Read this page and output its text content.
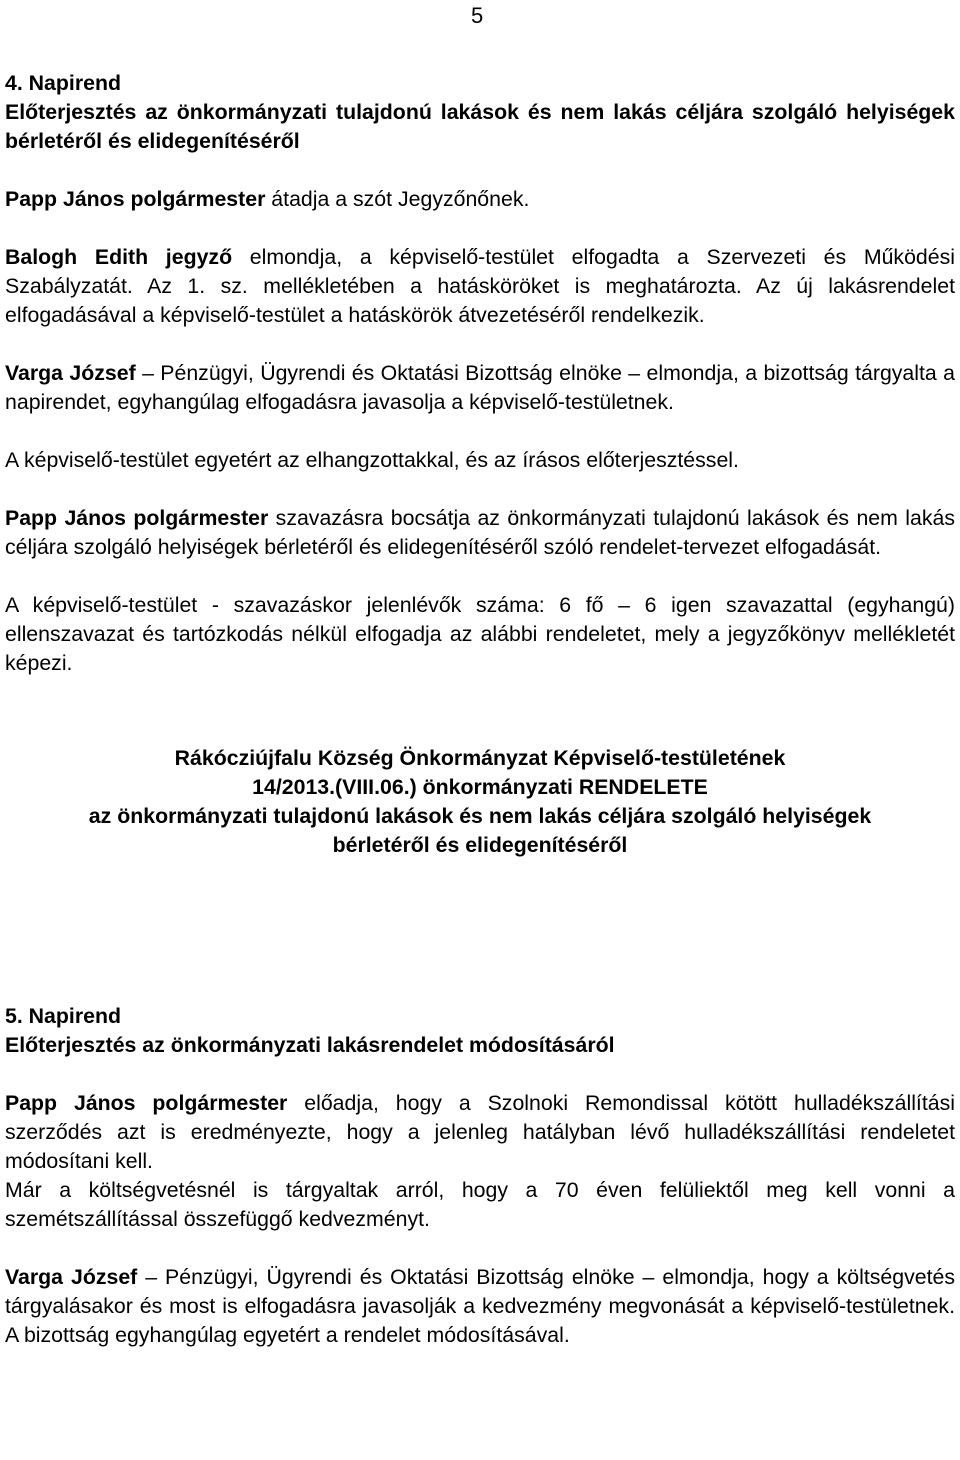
5

4. Napirend

Előterjesztés az önkormányzati tulajdonú lakások és nem lakás céljára szolgáló helyiségek bérletéről és elidegenítéséről

Papp János polgármester átadja a szót Jegyzőnőnek.

Balogh Edith jegyző elmondja, a képviselő-testület elfogadta a Szervezeti és Működési Szabályzatát. Az 1. sz. mellékletében a hatásköröket is meghatározta. Az új lakásrendelet elfogadásával a képviselő-testület a hatáskörök átvezetéséről rendelkezik.

Varga József – Pénzügyi, Ügyrendi és Oktatási Bizottság elnöke – elmondja, a bizottság tárgyalta a napirendet, egyhangúlag elfogadásra javasolja a képviselő-testületnek.

A képviselő-testület egyetért az elhangzottakkal, és az írásos előterjesztéssel.

Papp János polgármester szavazásra bocsátja az önkormányzati tulajdonú lakások és nem lakás céljára szolgáló helyiségek bérletéről és elidegenítéséről szóló rendelet-tervezet elfogadását.

A képviselő-testület - szavazáskor jelenlévők száma: 6 fő – 6 igen szavazattal (egyhangú) ellenszavazat és tartózkodás nélkül elfogadja az alábbi rendeletet, mely a jegyzőkönyv mellékletét képezi.

Rákócziújfalu Község Önkormányzat Képviselő-testületének

14/2013.(VIII.06.) önkormányzati RENDELETE

az önkormányzati tulajdonú lakások és nem lakás céljára szolgáló helyiségek

bérletéről és elidegenítéséről

5. Napirend

Előterjesztés az önkormányzati lakásrendelet módosításáról

Papp János polgármester előadja, hogy a Szolnoki Remondissal kötött hulladékszállítási szerződés azt is eredményezte, hogy a jelenleg hatályban lévő hulladékszállítási rendeletet módosítani kell.

Már a költségvetésnél is tárgyaltak arról, hogy a 70 éven felüliektől meg kell vonni a szemétszállítással összefüggő kedvezményt.

Varga József – Pénzügyi, Ügyrendi és Oktatási Bizottság elnöke – elmondja, hogy a költségvetés tárgyalásakor és most is elfogadásra javasolják a kedvezmény megvonását a képviselő-testületnek. A bizottság egyhangúlag egyetért a rendelet módosításával.
